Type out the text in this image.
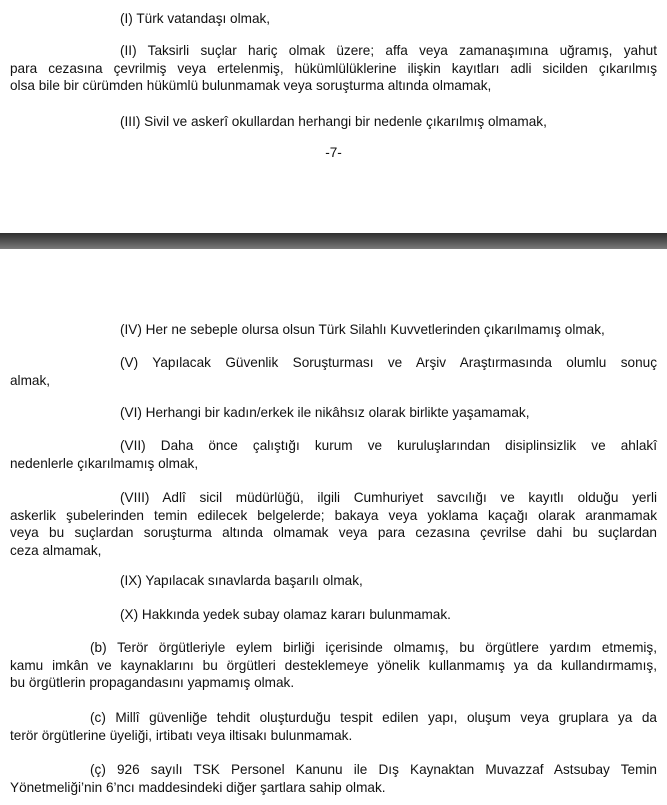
(I) Türk vatandaşı olmak,

(II) Taksirli suçlar hariç olmak üzere; affa veya zamanaşımına uğramış, yahut
para cezasına çevrilmiş veya ertelenmiş, hükümlülüklerine ilişkin kayıtları adli sicilden çıkarılmış
olsa bile bir cürümden hükümlü bulunmamak veya soruşturma altında olmamak,

(III) Sivil ve askerî okullardan herhangi bir nedenle çıkarılmış olmamak,

-7-

(IV) Her ne sebeple olursa olsun Türk Silahlı Kuvvetlerinden çıkarılmamış olmak,

(V) Yapılacak Güvenlik Soruşturması ve Arşiv Araştırmasında olumlu sonuç
almak,

(VI) Herhangi bir kadın/erkek ile nikâhsız olarak birlikte yaşamamak,

(VII) Daha önce çalıştığı kurum ve kuruluşlarından disiplinsizlik ve ahlakî
nedenlerle çıkarılmamış olmak,

(VIII) Adlî sicil müdürlüğü, ilgili Cumhuriyet savcılığı ve kayıtlı olduğu yerli
askerlik şubelerinden temin edilecek belgelerde; bakaya veya yoklama kaçağı olarak aranmamak
veya bu suçlardan soruşturma altında olmamak veya para cezasına çevrilse dahi bu suçlardan
ceza almamak,

(IX) Yapılacak sınavlarda başarılı olmak,

(X) Hakkında yedek subay olamaz kararı bulunmamak.

(b) Terör örgütleriyle eylem birliği içerisinde olmamış, bu örgütlere yardım etmemiş,
kamu imkân ve kaynaklarını bu örgütleri desteklemeye yönelik kullanmamış ya da kullandırmamış,
bu örgütlerin propagandasını yapmamış olmak.

(c) Millî güvenliğe tehdit oluşturduğu tespit edilen yapı, oluşum veya gruplara ya da
terör örgütlerine üyeliği, irtibatı veya iltisakı bulunmamak.

(ç) 926 sayılı TSK Personel Kanunu ile Dış Kaynaktan Muvazzaf Astsubay Temin
Yönetmeliği’nin 6’ncı maddesindeki diğer şartlara sahip olmak.
